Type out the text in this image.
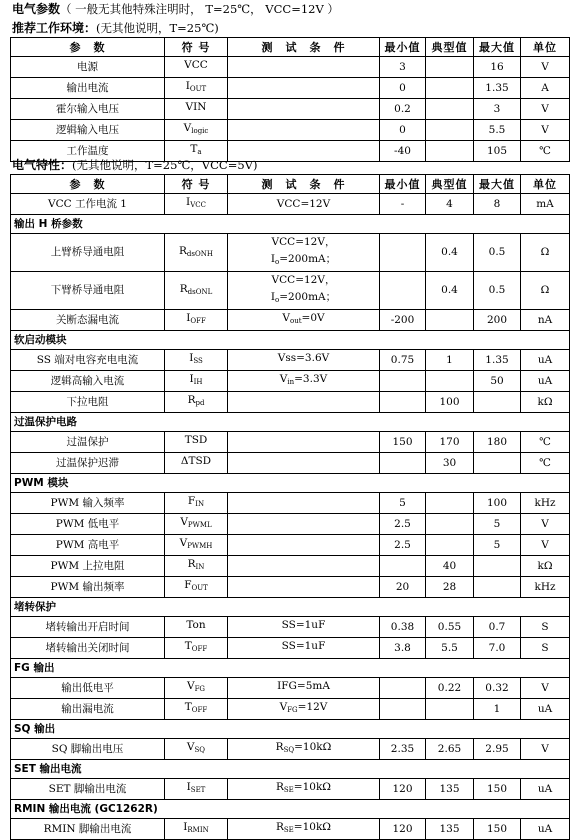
电气参数（ 一般无其他特殊注明时， T=25℃， VCC=12V ）
推荐工作环境：(无其他说明，T=25℃)
参　数	符 号	测　试　条　件	最小值	典型值	最大值	单位
电源	VCC		3		16	V
输出电流	$I_{OUT}$		0		1.35	A
霍尔输入电压	VIN		0.2		3	V
逻辑输入电压	$V_{logic}$		0		5.5	V
工作温度	$T_a$		-40		105	℃
电气特性：(无其他说明，T=25℃，VCC=5V)
参　数	符 号	测　试　条　件	最小值	典型值	最大值	单位
VCC 工作电流 1	$I_{VCC}$	VCC=12V	-	4	8	mA
输出 H 桥参数						
上臂桥导通电阻	$R_{dsONH}$	VCC=12V，
$I_o=200mA$；		0.4	0.5	Ω
下臂桥导通电阻	$R_{dsONL}$	VCC=12V，
$I_o=200mA$；		0.4	0.5	Ω
关断态漏电流	$I_{OFF}$	$V_{out}=0V$	-200		200	nA
软启动模块						
SS 端对电容充电电流	$I_{SS}$	Vss=3.6V	0.75	1	1.35	uA
逻辑高输入电流	$I_{IH}$	$V_{in}=3.3V$			50	uA
下拉电阻	$R_{pd}$			100		kΩ
过温保护电路						
过温保护	TSD		150	170	180	℃
过温保护迟滞	ΔTSD			30		℃
PWM 模块						
PWM 输入频率	$F_{IN}$		5		100	kHz
PWM 低电平	$V_{PWML}$		2.5		5	V
PWM 高电平	$V_{PWMH}$		2.5		5	V
PWM 上拉电阻	$R_{IN}$			40		kΩ
PWM 输出频率	$F_{OUT}$		20	28		kHz
堵转保护						
堵转输出开启时间	Ton	SS=1uF	0.38	0.55	0.7	S
堵转输出关闭时间	$T_{OFF}$	SS=1uF	3.8	5.5	7.0	S
FG 输出						
输出低电平	$V_{FG}$	IFG=5mA		0.22	0.32	V
输出漏电流	$T_{OFF}$	$V_{FG}=12V$			1	uA
SQ 输出						
SQ 脚输出电压	$V_{SQ}$	$R_{SQ}=10k\Omega$	2.35	2.65	2.95	V
SET 输出电流						
SET 脚输出电流	$I_{SET}$	$R_{SE}=10k\Omega$	120	135	150	uA
RMIN 输出电流 (GC1262R)						
RMIN 脚输出电流	$I_{RMIN}$	$R_{SE}=10k\Omega$	120	135	150	uA
